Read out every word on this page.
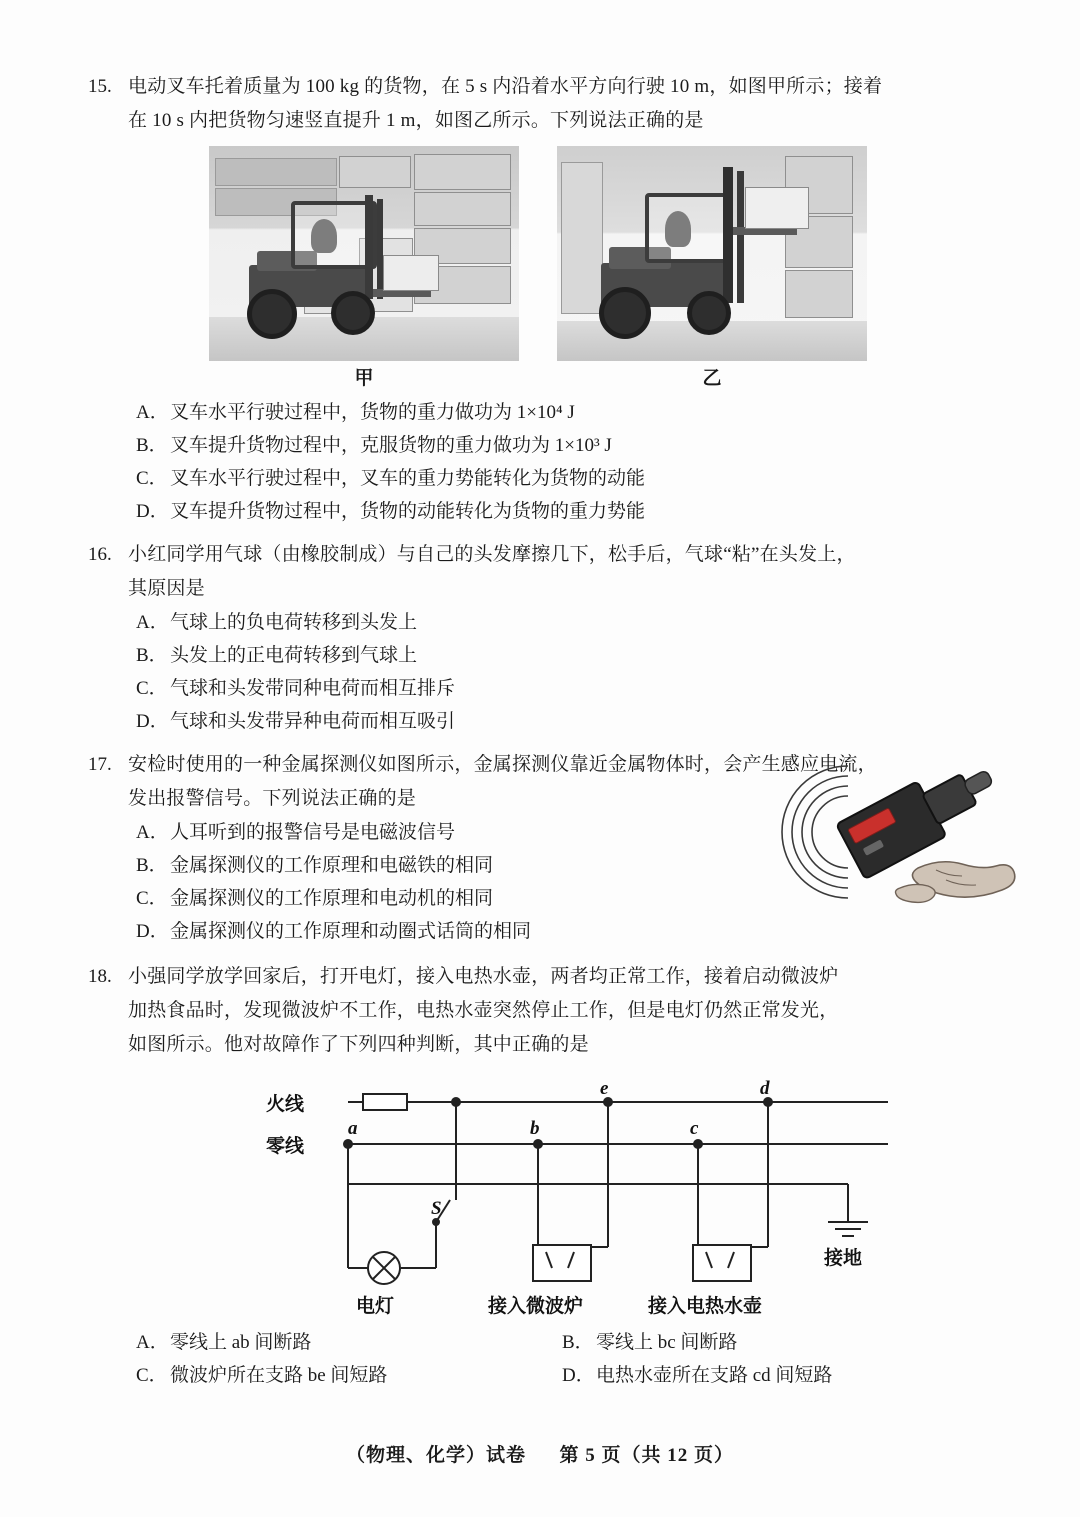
15. 电动叉车托着质量为 100 kg 的货物，在 5 s 内沿着水平方向行驶 10 m，如图甲所示；接着
在 10 s 内把货物匀速竖直提升 1 m，如图乙所示。下列说法正确的是
甲	乙
A． 叉车水平行驶过程中，货物的重力做功为 1×10⁴ J
B． 叉车提升货物过程中，克服货物的重力做功为 1×10³ J
C． 叉车水平行驶过程中，叉车的重力势能转化为货物的动能
D． 叉车提升货物过程中，货物的动能转化为货物的重力势能
16. 小红同学用气球（由橡胶制成）与自己的头发摩擦几下，松手后，气球“粘”在头发上，
其原因是
A． 气球上的负电荷转移到头发上
B． 头发上的正电荷转移到气球上
C． 气球和头发带同种电荷而相互排斥
D． 气球和头发带异种电荷而相互吸引
17. 安检时使用的一种金属探测仪如图所示，金属探测仪靠近金属物体时，会产生感应电流，
发出报警信号。下列说法正确的是
A． 人耳听到的报警信号是电磁波信号
B． 金属探测仪的工作原理和电磁铁的相同
C． 金属探测仪的工作原理和电动机的相同
D． 金属探测仪的工作原理和动圈式话筒的相同
18. 小强同学放学回家后，打开电灯，接入电热水壶，两者均正常工作，接着启动微波炉
加热食品时，发现微波炉不工作，电热水壶突然停止工作，但是电灯仍然正常发光，
如图所示。他对故障作了下列四种判断，其中正确的是
火线
零线
接地
电灯	接入微波炉	接入电热水壶
a	b	c
d
e
S
A． 零线上 ab 间断路
C． 微波炉所在支路 be 间短路
B． 零线上 bc 间断路
D． 电热水壶所在支路 cd 间短路
（物理、化学）试卷 第 5 页（共 12 页）
